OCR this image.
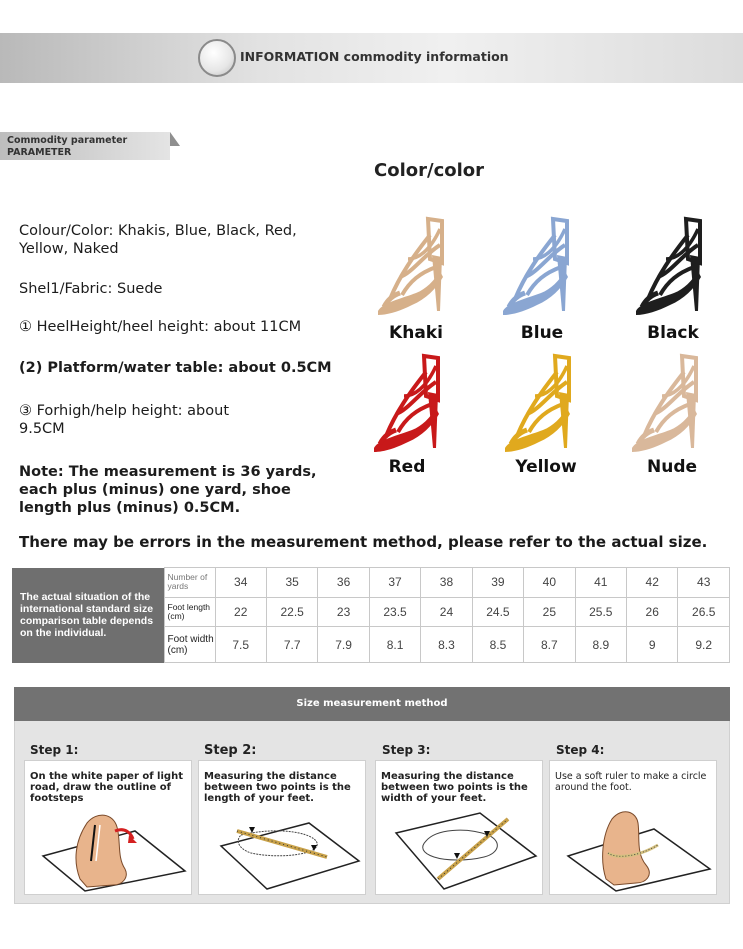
INFORMATION commodity information
Commodity parameter
PARAMETER
Color/color
Colour/Color: Khakis, Blue, Black, Red, Yellow, Naked
Shel1/Fabric: Suede
① HeelHeight/heel height: about 11CM
(2) Platform/water table: about 0.5CM
③ Forhigh/help height: about 9.5CM
Note: The measurement is 36 yards, each plus (minus) one yard, shoe length plus (minus) 0.5CM.
There may be errors in the measurement method, please refer to the actual size.
Khaki	Blue	Black
Red	Yellow	Nude
The actual situation of the international standard size comparison table depends on the individual.	Number of yards	34	35	36	37	38	39	40	41	42	43
	Foot length (cm)	22	22.5	23	23.5	24	24.5	25	25.5	26	26.5
	Foot width (cm)	7.5	7.7	7.9	8.1	8.3	8.5	8.7	8.9	9	9.2
Size measurement method
Step 1:	Step 2:	Step 3:	Step 4:
On the white paper of light road, draw the outline of footsteps
Measuring the distance between two points is the length of your feet.
Measuring the distance between two points is the width of your feet.
Use a soft ruler to make a circle around the foot.
